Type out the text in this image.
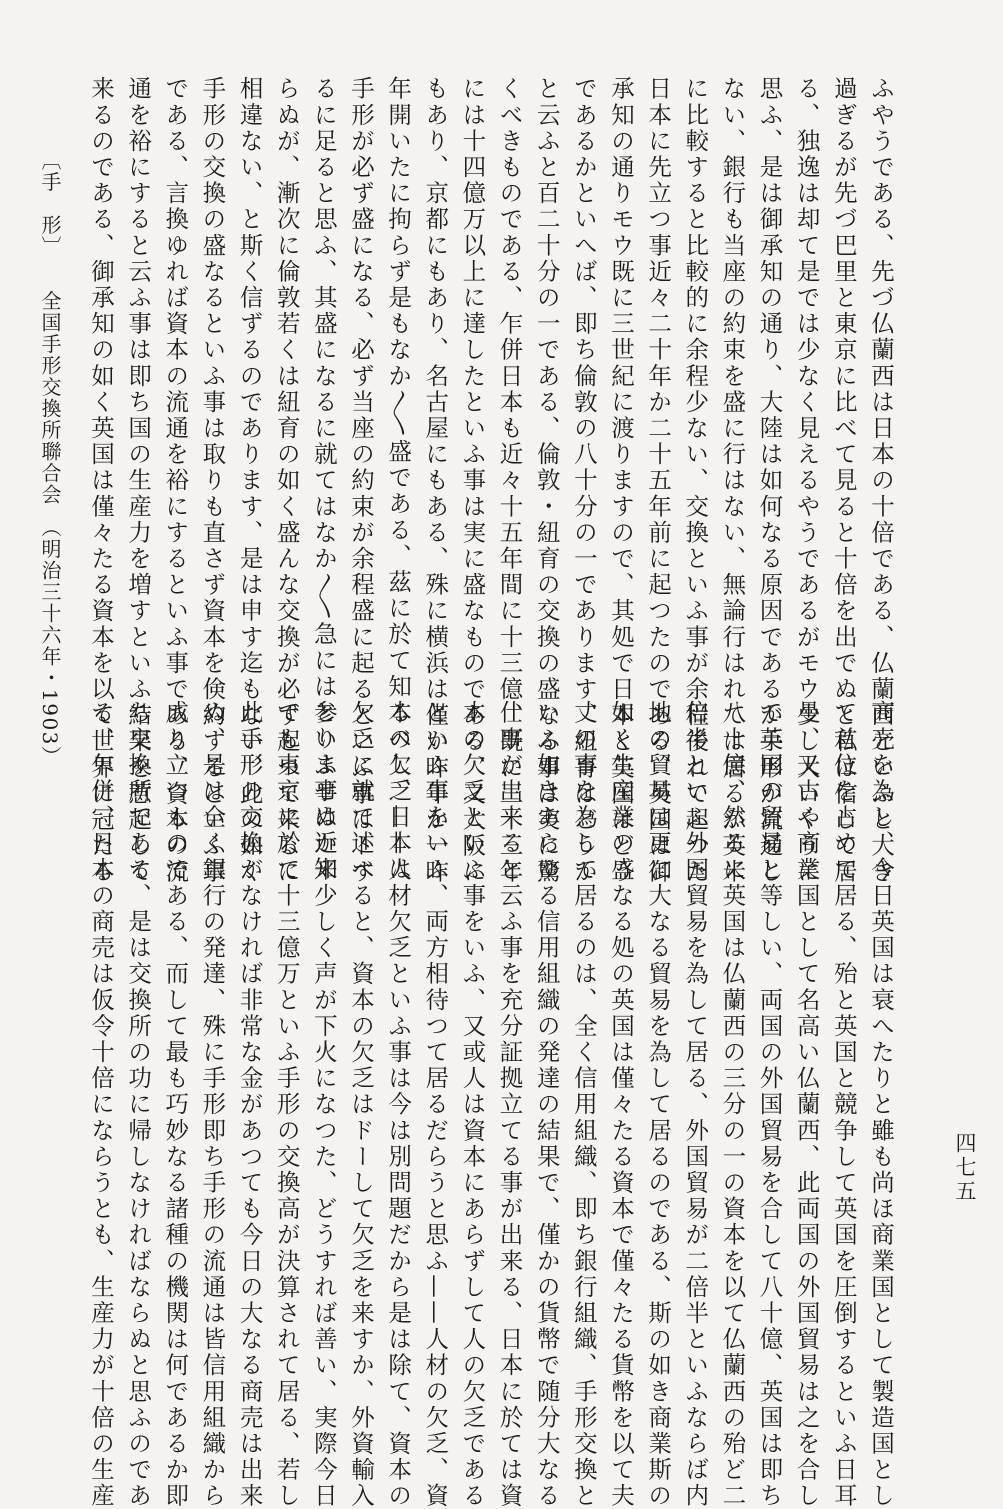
ふやうである、先づ仏蘭西は日本の十倍である、仏蘭西といふと大き
過ぎるが先づ巴里と東京に比べて見ると十倍を出でぬと私は信じて居
る、独逸は却て是では少なく見えるやうであるがモウ少し大いやうに
思ふ、是は御承知の通り、大陸は如何なる原因であるか手形が流通し
ない、銀行も当座の約束を盛に行はない、無論行はれては居るが英米
に比較すると比較的に余程少ない、交換といふ事が余程後れて起つた
日本に先立つ事近々二十年か二十五年前に起つたのである、英国は御
承知の通りモウ既に三世紀に渡りますので、其処で日本と英国はどう
であるかといへば、即ち倫敦の八十分の一であります、紐育はどうか
と云ふと百二十分の一である、倫敦・紐育の交換の盛なる事は実に驚
くべきものである、乍併日本も近々十五年間に十三億、既に三十三年
には十四億万以上に達したといふ事は実に盛なものである、又大阪に
もあり、京都にもあり、名古屋にもある、殊に横浜は僅か昨年か一昨
年開いたに拘らず是もなか〳〵盛である、茲に於て知るべし、日本は
手形が必ず盛になる、必ず当座の約束が余程盛に起るといふ事はトす
るに足ると思ふ、其盛になるに就てはなか〳〵急には参りませぬか知
らぬが、漸次に倫敦若くは紐育の如く盛んな交換が必ず起つて来るに
相違ない、と斯く信ずるのであります、是は申す迄もない、此の如く
手形の交換の盛なるといふ事は取りも直さず資本を倹約するといふ事
である、言換ゆれば資本の流通を裕にするといふ事である、資本の流
通を裕にすると云ふ事は即ち国の生産力を増すといふ結果を惹起して
来るのである、御承知の如く英国は僅々たる資本を以て世界に冠たる
商売を為し、今日英国は衰へたりと雖も尚ほ商業国として製造国とし
て首位を占めて居る、殆と英国と競争して英国を圧倒するといふ日耳
曼、又古く商業国として名高い仏蘭西、此両国の外国貿易は之を合し
で英国の貿易と等しい、両国の外国貿易を合して八十億、英国は即ち
八十億、然るに英国は仏蘭西の三分の一の資本を以て仏蘭西の殆ど二
倍半といふ外国貿易を為して居る、外国貿易が二倍半といふならば内
地の貿易は更に大なる貿易を為して居るのである、斯の如き商業斯の
如く生産業の盛なる処の英国は僅々たる資本で僅々たる貨幣を以て夫
丈の事を為して居るのは、全く信用組織、即ち銀行組織、手形交換と
いふ如きあらゆる信用組織の発達の結果で、僅かの貨幣で随分大なる
仕事が出来ると云ふ事を充分証拠立てる事が出来る、日本に於ては資
本の欠乏といふ事をいふ、又或人は資本にあらずして人の欠乏である
といふ事をいふ、両方相待つて居るだらうと思ふ——人材の欠乏、資
本の欠乏——人材欠乏といふ事は今は別問題だから是は除て、資本の
欠乏に就て述べると、資本の欠乏はドーして欠乏を来すか、外資輸入
といふ事は近来少しく声が下火になつた、どうすれば善い、実際今日
でも東京に於て十三億万といふ手形の交換高が決算されて居る、若し
此手形の交換がなければ非常な金があつても今日の大なる商売は出来
ぬ、是は全く銀行の発達、殊に手形即ち手形の流通は皆信用組織から
成り立つものである、而して最も巧妙なる諸種の機関は何であるか即
ち交換所である、是は交換所の功に帰しなければならぬと思ふのであ
る、乍併、日本の商売は仮令十倍にならうとも、生産力が十倍の生産
〔手　形〕　　全国手形交換所聯合会　（明治三十六年・1903）
四七五
